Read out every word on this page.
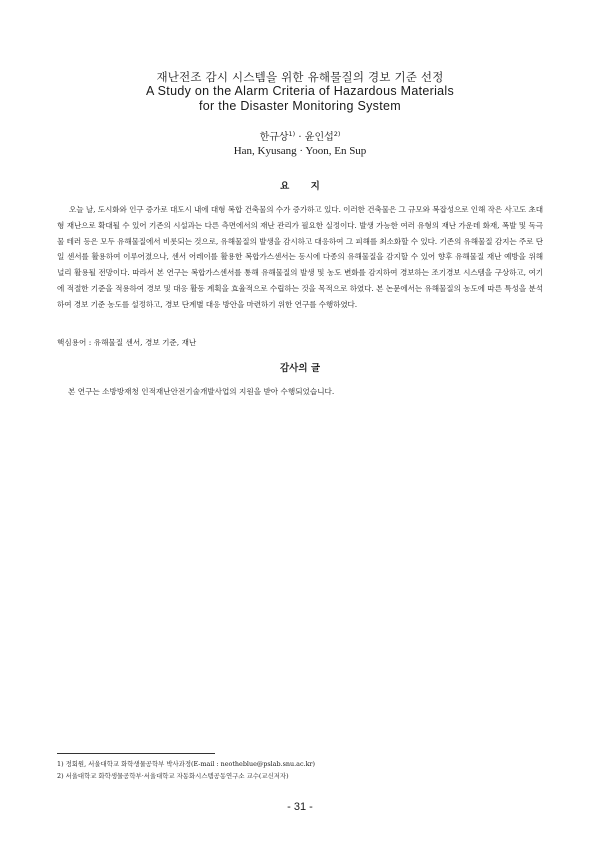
재난전조 감시 시스템을 위한 유해물질의 경보 기준 선정
A Study on the Alarm Criteria of Hazardous Materials
for the Disaster Monitoring System
한규상$^{1)}$ · 윤인섭$^{2)}$
Han, Kyusang · Yoon, En Sup
요 지

오늘 날, 도시화와 인구 증가로 대도시 내에 대형 복합 건축물의 수가 증가하고 있다. 이러한 건축물은 그 규모와 복잡성으로 인해 작은 사고도 초대형 재난으로 확대될 수 있어 기존의 시설과는 다른 측면에서의 재난 관리가 필요한 실정이다. 발생 가능한 여러 유형의 재난 가운데 화재, 폭발 및 독극물 테러 등은 모두 유해물질에서 비롯되는 것으로, 유해물질의 발생을 감시하고 대응하여 그 피해를 최소화할 수 있다. 기존의 유해물질 감지는 주로 단일 센서를 활용하여 이루어졌으나, 센서 어레이를 활용한 복합가스센서는 동시에 다종의 유해물질을 감지할 수 있어 향후 유해물질 재난 예방을 위해 널리 활용될 전망이다. 따라서 본 연구는 복합가스센서를 통해 유해물질의 발생 및 농도 변화를 감지하여 경보하는 조기경보 시스템을 구상하고, 여기에 적절한 기준을 적용하여 경보 및 대응 활동 계획을 효율적으로 수립하는 것을 목적으로 하였다. 본 논문에서는 유해물질의 농도에 따른 특성을 분석하여 경보 기준 농도를 설정하고, 경보 단계별 대응 방안을 마련하기 위한 연구를 수행하였다.

핵심용어 : 유해물질 센서, 경보 기준, 재난
감사의 글

본 연구는 소방방재청 인적재난안전기술개발사업의 지원을 받아 수행되었습니다.

1) 정회원, 서울대학교 화학생물공학부 박사과정(E-mail : neotheblue@pslab.snu.ac.kr)
2) 서울대학교 화학생물공학부·서울대학교 자동화시스템공동연구소 교수(교신저자)
- 31 -
